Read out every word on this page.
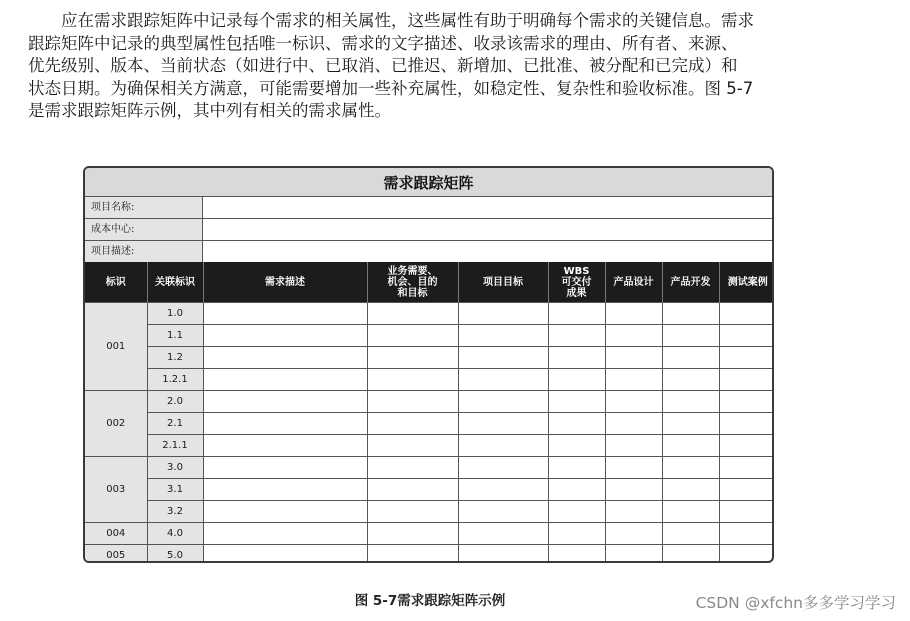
　　应在需求跟踪矩阵中记录每个需求的相关属性，这些属性有助于明确每个需求的关键信息。需求

跟踪矩阵中记录的典型属性包括唯一标识、需求的文字描述、收录该需求的理由、所有者、来源、

优先级别、版本、当前状态（如进行中、已取消、已推迟、新增加、已批准、被分配和已完成）和

状态日期。为确保相关方满意，可能需要增加一些补充属性，如稳定性、复杂性和验收标准。图 5-7

是需求跟踪矩阵示例，其中列有相关的需求属性。

需求跟踪矩阵
项目名称:
成本中心:
项目描述:
标识	关联标识	需求描述	业务需要、
机会、目的
和目标	项目目标	WBS
可交付
成果	产品设计	产品开发	测试案例
001	1.0							
	1.1							
	1.2							
	1.2.1							
002	2.0							
	2.1							
	2.1.1							
003	3.0							
	3.1							
	3.2							
004	4.0							
005	5.0							
图 5-7需求跟踪矩阵示例	CSDN @xfchn多多学习学习
